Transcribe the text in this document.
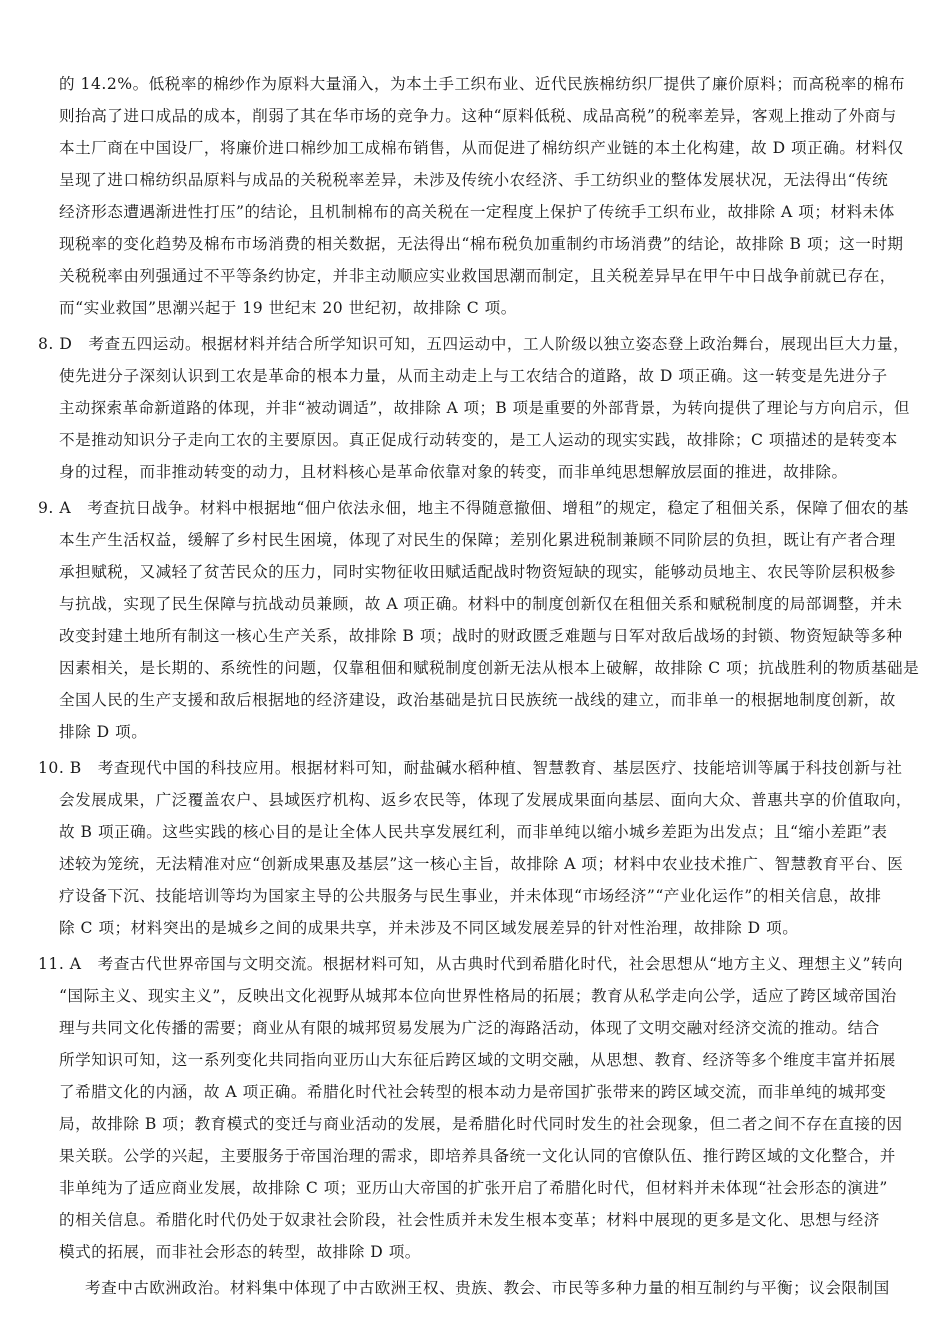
的 14.2%。低税率的棉纱作为原料大量涌入，为本土手工织布业、近代民族棉纺织厂提供了廉价原料；而高税率的棉布
则抬高了进口成品的成本，削弱了其在华市场的竞争力。这种“原料低税、成品高税”的税率差异，客观上推动了外商与
本土厂商在中国设厂，将廉价进口棉纱加工成棉布销售，从而促进了棉纺织产业链的本土化构建，故 D 项正确。材料仅
呈现了进口棉纺织品原料与成品的关税税率差异，未涉及传统小农经济、手工纺织业的整体发展状况，无法得出“传统
经济形态遭遇渐进性打压”的结论，且机制棉布的高关税在一定程度上保护了传统手工织布业，故排除 A 项；材料未体
现税率的变化趋势及棉布市场消费的相关数据，无法得出“棉布税负加重制约市场消费”的结论，故排除 B 项；这一时期
关税税率由列强通过不平等条约协定，并非主动顺应实业救国思潮而制定，且关税差异早在甲午中日战争前就已存在，
而“实业救国”思潮兴起于 19 世纪末 20 世纪初，故排除 C 项。
8. D　考查五四运动。根据材料并结合所学知识可知，五四运动中，工人阶级以独立姿态登上政治舞台，展现出巨大力量，
使先进分子深刻认识到工农是革命的根本力量，从而主动走上与工农结合的道路，故 D 项正确。这一转变是先进分子
主动探索革命新道路的体现，并非“被动调适”，故排除 A 项；B 项是重要的外部背景，为转向提供了理论与方向启示，但
不是推动知识分子走向工农的主要原因。真正促成行动转变的，是工人运动的现实实践，故排除；C 项描述的是转变本
身的过程，而非推动转变的动力，且材料核心是革命依靠对象的转变，而非单纯思想解放层面的推进，故排除。
9. A　考查抗日战争。材料中根据地“佃户依法永佃，地主不得随意撤佃、增租”的规定，稳定了租佃关系，保障了佃农的基
本生产生活权益，缓解了乡村民生困境，体现了对民生的保障；差别化累进税制兼顾不同阶层的负担，既让有产者合理
承担赋税，又减轻了贫苦民众的压力，同时实物征收田赋适配战时物资短缺的现实，能够动员地主、农民等阶层积极参
与抗战，实现了民生保障与抗战动员兼顾，故 A 项正确。材料中的制度创新仅在租佃关系和赋税制度的局部调整，并未
改变封建土地所有制这一核心生产关系，故排除 B 项；战时的财政匮乏难题与日军对敌后战场的封锁、物资短缺等多种
因素相关，是长期的、系统性的问题，仅靠租佃和赋税制度创新无法从根本上破解，故排除 C 项；抗战胜利的物质基础是
全国人民的生产支援和敌后根据地的经济建设，政治基础是抗日民族统一战线的建立，而非单一的根据地制度创新，故
排除 D 项。
10. B　考查现代中国的科技应用。根据材料可知，耐盐碱水稻种植、智慧教育、基层医疗、技能培训等属于科技创新与社
会发展成果，广泛覆盖农户、县域医疗机构、返乡农民等，体现了发展成果面向基层、面向大众、普惠共享的价值取向，
故 B 项正确。这些实践的核心目的是让全体人民共享发展红利，而非单纯以缩小城乡差距为出发点；且“缩小差距”表
述较为笼统，无法精准对应“创新成果惠及基层”这一核心主旨，故排除 A 项；材料中农业技术推广、智慧教育平台、医
疗设备下沉、技能培训等均为国家主导的公共服务与民生事业，并未体现“市场经济”“产业化运作”的相关信息，故排
除 C 项；材料突出的是城乡之间的成果共享，并未涉及不同区域发展差异的针对性治理，故排除 D 项。
11. A　考查古代世界帝国与文明交流。根据材料可知，从古典时代到希腊化时代，社会思想从“地方主义、理想主义”转向
“国际主义、现实主义”，反映出文化视野从城邦本位向世界性格局的拓展；教育从私学走向公学，适应了跨区域帝国治
理与共同文化传播的需要；商业从有限的城邦贸易发展为广泛的海路活动，体现了文明交融对经济交流的推动。结合
所学知识可知，这一系列变化共同指向亚历山大东征后跨区域的文明交融，从思想、教育、经济等多个维度丰富并拓展
了希腊文化的内涵，故 A 项正确。希腊化时代社会转型的根本动力是帝国扩张带来的跨区域交流，而非单纯的城邦变
局，故排除 B 项；教育模式的变迁与商业活动的发展，是希腊化时代同时发生的社会现象，但二者之间不存在直接的因
果关联。公学的兴起，主要服务于帝国治理的需求，即培养具备统一文化认同的官僚队伍、推行跨区域的文化整合，并
非单纯为了适应商业发展，故排除 C 项；亚历山大帝国的扩张开启了希腊化时代，但材料并未体现“社会形态的演进”
的相关信息。希腊化时代仍处于奴隶社会阶段，社会性质并未发生根本变革；材料中展现的更多是文化、思想与经济
模式的拓展，而非社会形态的转型，故排除 D 项。
考查中古欧洲政治。材料集中体现了中古欧洲王权、贵族、教会、市民等多种力量的相互制约与平衡；议会限制国
